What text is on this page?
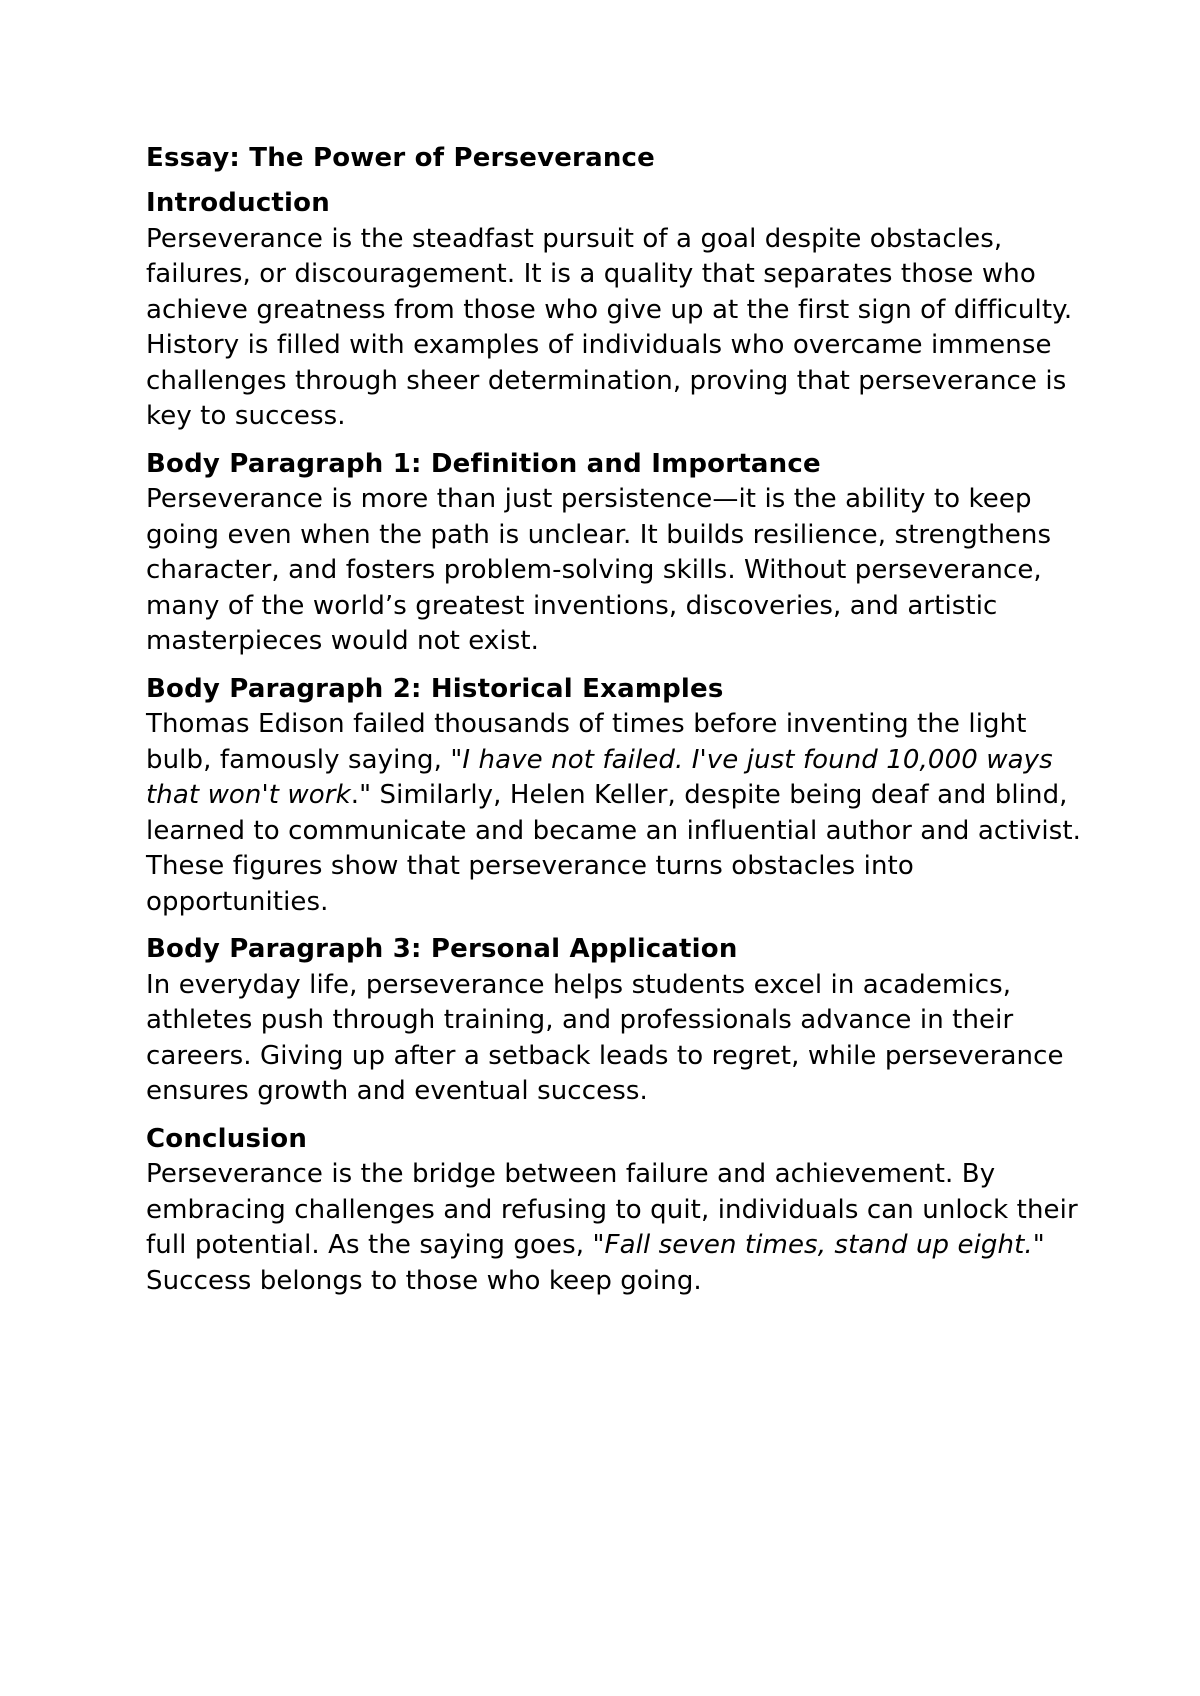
Essay: The Power of Perseverance

Introduction

Perseverance is the steadfast pursuit of a goal despite obstacles, failures, or discouragement. It is a quality that separates those who achieve greatness from those who give up at the first sign of difficulty. History is filled with examples of individuals who overcame immense challenges through sheer determination, proving that perseverance is key to success.

Body Paragraph 1: Definition and Importance

Perseverance is more than just persistence—it is the ability to keep going even when the path is unclear. It builds resilience, strengthens character, and fosters problem-solving skills. Without perseverance, many of the world’s greatest inventions, discoveries, and artistic masterpieces would not exist.

Body Paragraph 2: Historical Examples

Thomas Edison failed thousands of times before inventing the light bulb, famously saying, "I have not failed. I've just found 10,000 ways that won't work." Similarly, Helen Keller, despite being deaf and blind, learned to communicate and became an influential author and activist. These figures show that perseverance turns obstacles into opportunities.

Body Paragraph 3: Personal Application

In everyday life, perseverance helps students excel in academics, athletes push through training, and professionals advance in their careers. Giving up after a setback leads to regret, while perseverance ensures growth and eventual success.

Conclusion

Perseverance is the bridge between failure and achievement. By embracing challenges and refusing to quit, individuals can unlock their full potential. As the saying goes, "Fall seven times, stand up eight." Success belongs to those who keep going.
